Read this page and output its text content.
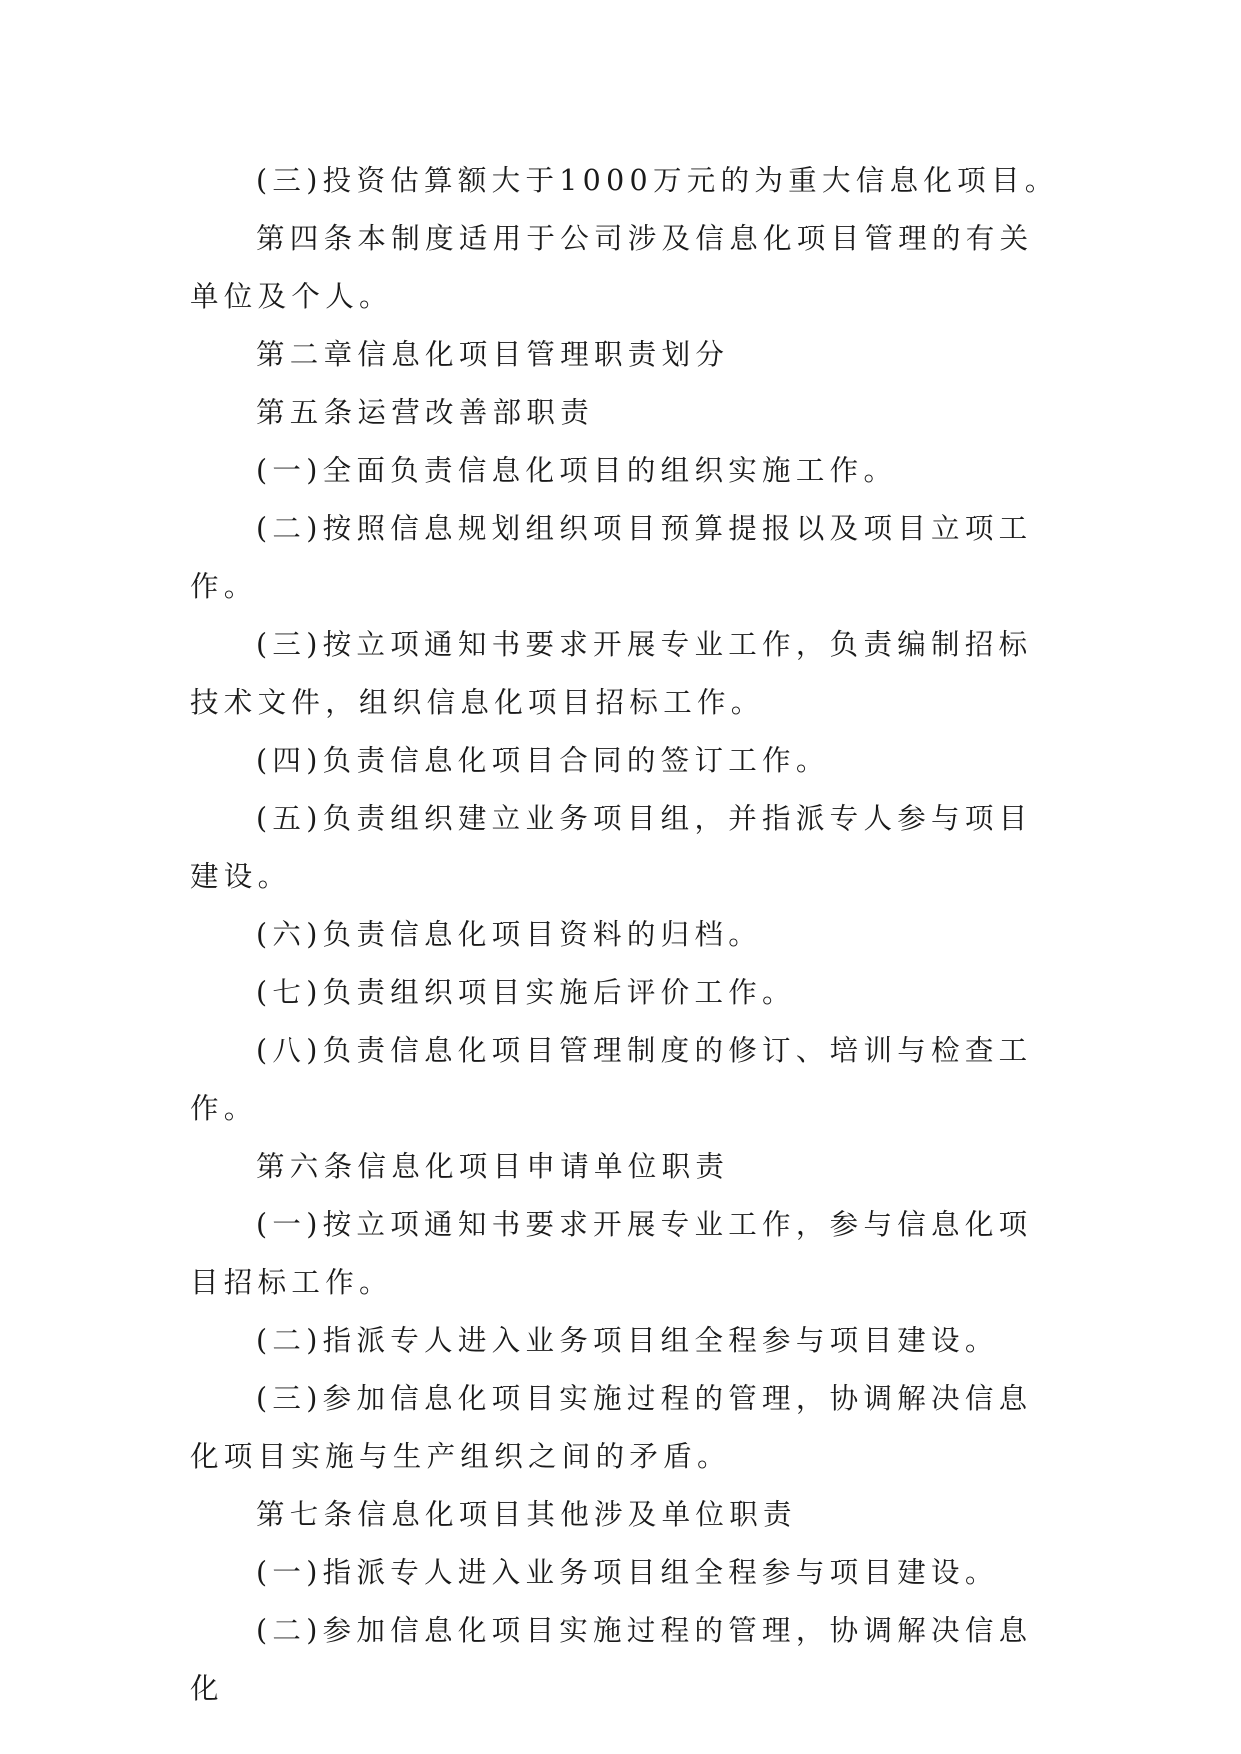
(三)投资估算额大于1000万元的为重大信息化项目。

第四条本制度适用于公司涉及信息化项目管理的有关单位及个人。

第二章信息化项目管理职责划分

第五条运营改善部职责

(一)全面负责信息化项目的组织实施工作。

(二)按照信息规划组织项目预算提报以及项目立项工作。

(三)按立项通知书要求开展专业工作，负责编制招标技术文件，组织信息化项目招标工作。

(四)负责信息化项目合同的签订工作。

(五)负责组织建立业务项目组，并指派专人参与项目建设。

(六)负责信息化项目资料的归档。

(七)负责组织项目实施后评价工作。

(八)负责信息化项目管理制度的修订、培训与检查工作。

第六条信息化项目申请单位职责

(一)按立项通知书要求开展专业工作，参与信息化项目招标工作。

(二)指派专人进入业务项目组全程参与项目建设。

(三)参加信息化项目实施过程的管理，协调解决信息化项目实施与生产组织之间的矛盾。

第七条信息化项目其他涉及单位职责

(一)指派专人进入业务项目组全程参与项目建设。

(二)参加信息化项目实施过程的管理，协调解决信息化
